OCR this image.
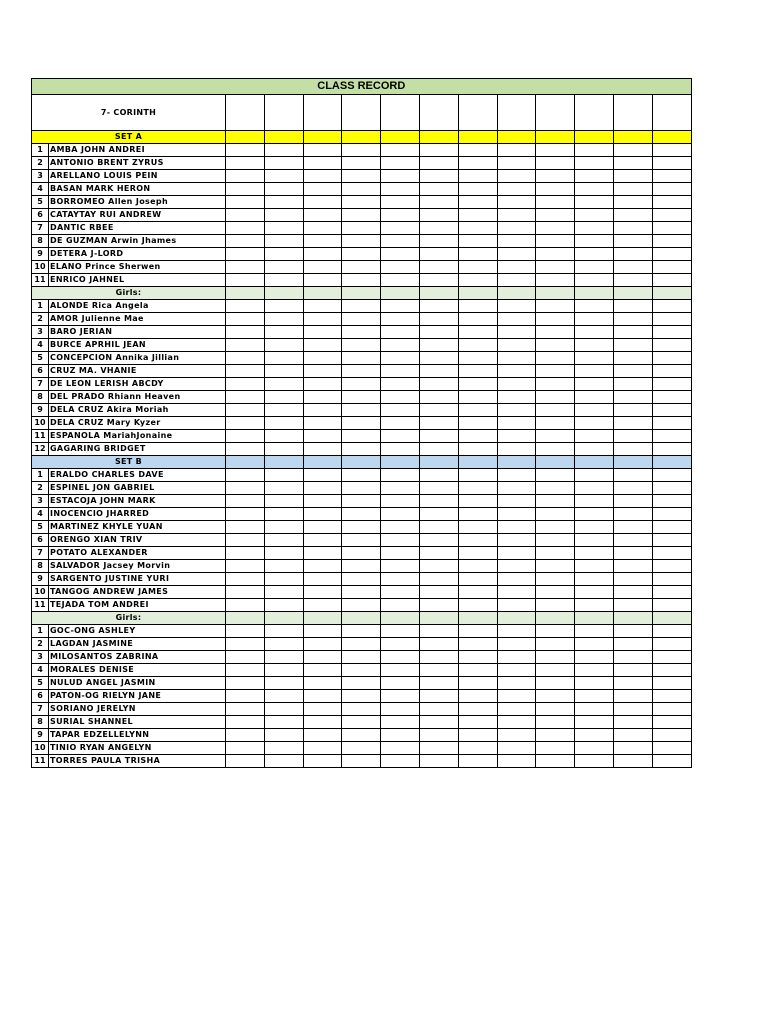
CLASS RECORD													
7- CORINTH													
SET A													
1	AMBA JOHN ANDREI												
2	ANTONIO BRENT ZYRUS												
3	ARELLANO LOUIS PEIN												
4	BASAN MARK HERON												
5	BORROMEO Allen Joseph												
6	CATAYTAY RUI ANDREW												
7	DANTIC RBEE												
8	DE GUZMAN Arwin Jhames												
9	DETERA J-LORD												
10	ELANO Prince Sherwen												
11	ENRICO JAHNEL												
Girls:													
1	ALONDE Rica Angela												
2	AMOR Julienne Mae												
3	BARO JERIAN												
4	BURCE APRHIL JEAN												
5	CONCEPCION Annika Jillian												
6	CRUZ MA. VHANIE												
7	DE LEON LERISH ABCDY												
8	DEL PRADO Rhiann Heaven												
9	DELA CRUZ Akira Moriah												
10	DELA CRUZ Mary Kyzer												
11	ESPANOLA MariahJonaine												
12	GAGARING BRIDGET												
SET B													
1	ERALDO CHARLES DAVE												
2	ESPINEL JON GABRIEL												
3	ESTACOJA JOHN MARK												
4	INOCENCIO JHARRED												
5	MARTINEZ KHYLE YUAN												
6	ORENGO XIAN TRIV												
7	POTATO ALEXANDER												
8	SALVADOR Jacsey Morvin												
9	SARGENTO JUSTINE YURI												
10	TANGOG ANDREW JAMES												
11	TEJADA TOM ANDREI												
Girls:													
1	GOC-ONG ASHLEY												
2	LAGDAN JASMINE												
3	MILOSANTOS ZABRINA												
4	MORALES DENISE												
5	NULUD ANGEL JASMIN												
6	PATON-OG RIELYN JANE												
7	SORIANO JERELYN												
8	SURIAL SHANNEL												
9	TAPAR EDZELLELYNN												
10	TINIO RYAN ANGELYN												
11	TORRES PAULA TRISHA												
